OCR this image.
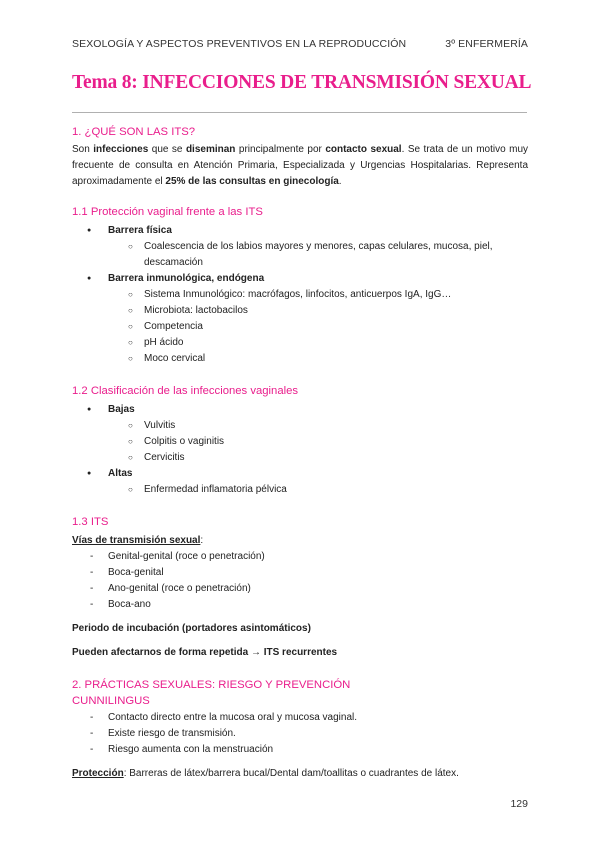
SEXOLOGÍA Y ASPECTOS PREVENTIVOS EN LA REPRODUCCIÓN	3º ENFERMERÍA
Tema 8: INFECCIONES DE TRANSMISIÓN SEXUAL
1. ¿QUÉ SON LAS ITS?

Son infecciones que se diseminan principalmente por contacto sexual. Se trata de un motivo muy frecuente de consulta en Atención Primaria, Especializada y Urgencias Hospitalarias. Representa aproximadamente el 25% de las consultas en ginecología.

1.1 Protección vaginal frente a las ITS
● Barrera física
○ Coalescencia de los labios mayores y menores, capas celulares, mucosa, piel, descamación
● Barrera inmunológica, endógena
○ Sistema Inmunológico: macrófagos, linfocitos, anticuerpos IgA, IgG…
○ Microbiota: lactobacilos
○ Competencia
○ pH ácido
○ Moco cervical
1.2 Clasificación de las infecciones vaginales
● Bajas
○ Vulvitis
○ Colpitis o vaginitis
○ Cervicitis
● Altas
○ Enfermedad inflamatoria pélvica
1.3 ITS
Vías de transmisión sexual:
- Genital-genital (roce o penetración)
- Boca-genital
- Ano-genital (roce o penetración)
- Boca-ano

Periodo de incubación (portadores asintomáticos)

Pueden afectarnos de forma repetida → ITS recurrentes

2. PRÁCTICAS SEXUALES: RIESGO Y PREVENCIÓN
CUNNILINGUS
- Contacto directo entre la mucosa oral y mucosa vaginal.
- Existe riesgo de transmisión.
- Riesgo aumenta con la menstruación

Protección: Barreras de látex/barrera bucal/Dental dam/toallitas o cuadrantes de látex.

129
